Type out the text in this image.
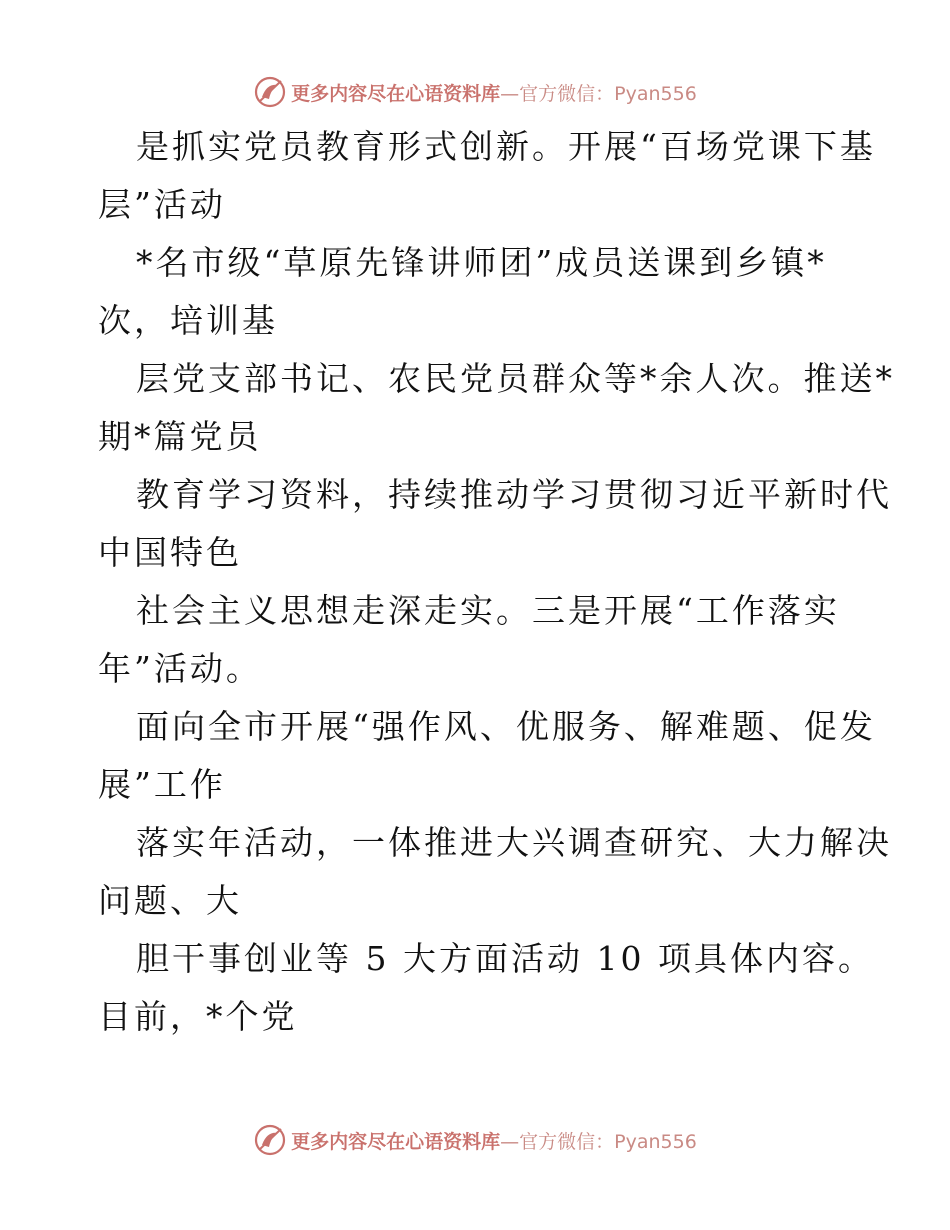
更多内容尽在心语资料库—官方微信：Pyan556
是抓实党员教育形式创新。开展“百场党课下基
层”活动
*名市级“草原先锋讲师团”成员送课到乡镇*
次，培训基
层党支部书记、农民党员群众等*余人次。推送*
期*篇党员
教育学习资料，持续推动学习贯彻习近平新时代
中国特色
社会主义思想走深走实。三是开展“工作落实
年”活动。
面向全市开展“强作风、优服务、解难题、促发
展”工作
落实年活动，一体推进大兴调查研究、大力解决
问题、大
胆干事创业等 5 大方面活动 10 项具体内容。
目前，*个党
更多内容尽在心语资料库—官方微信：Pyan556
